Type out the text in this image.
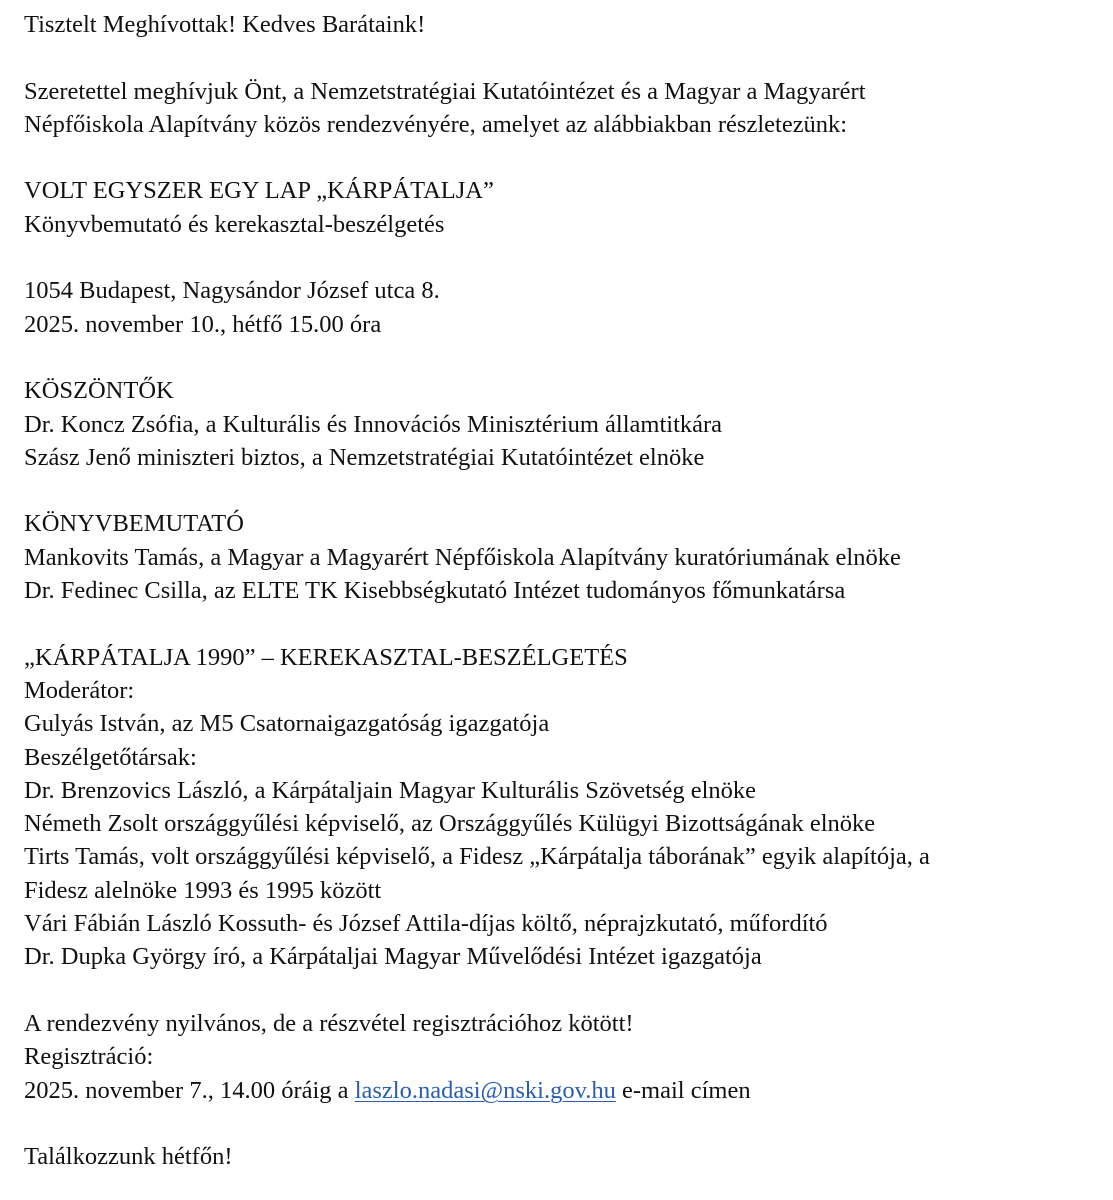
Tisztelt Meghívottak! Kedves Barátaink!
Szeretettel meghívjuk Önt, a Nemzetstratégiai Kutatóintézet és a Magyar a Magyarért
Népfőiskola Alapítvány közös rendezvényére, amelyet az alábbiakban részletezünk:
VOLT EGYSZER EGY LAP „KÁRPÁTALJA”
Könyvbemutató és kerekasztal-beszélgetés
1054 Budapest, Nagysándor József utca 8.
2025. november 10., hétfő 15.00 óra
KÖSZÖNTŐK
Dr. Koncz Zsófia, a Kulturális és Innovációs Minisztérium államtitkára
Szász Jenő miniszteri biztos, a Nemzetstratégiai Kutatóintézet elnöke
KÖNYVBEMUTATÓ
Mankovits Tamás, a Magyar a Magyarért Népfőiskola Alapítvány kuratóriumának elnöke
Dr. Fedinec Csilla, az ELTE TK Kisebbségkutató Intézet tudományos főmunkatársa
„KÁRPÁTALJA 1990” – KEREKASZTAL-BESZÉLGETÉS
Moderátor:
Gulyás István, az M5 Csatornaigazgatóság igazgatója
Beszélgetőtársak:
Dr. Brenzovics László, a Kárpátaljain Magyar Kulturális Szövetség elnöke
Németh Zsolt országgyűlési képviselő, az Országgyűlés Külügyi Bizottságának elnöke
Tirts Tamás, volt országgyűlési képviselő, a Fidesz „Kárpátalja táborának” egyik alapítója, a
Fidesz alelnöke 1993 és 1995 között
Vári Fábián László Kossuth- és József Attila-díjas költő, néprajzkutató, műfordító
Dr. Dupka György író, a Kárpátaljai Magyar Művelődési Intézet igazgatója
A rendezvény nyilvános, de a részvétel regisztrációhoz kötött!
Regisztráció:
2025. november 7., 14.00 óráig a laszlo.nadasi@nski.gov.hu e-mail címen
Találkozzunk hétfőn!
